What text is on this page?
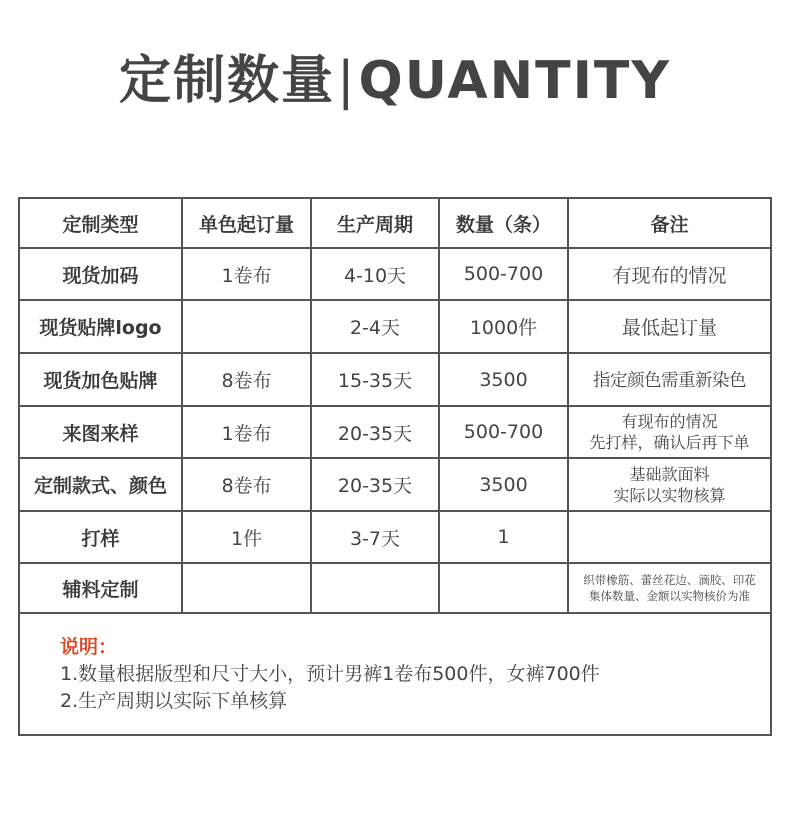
定制数量|QUANTITY
定制类型	单色起订量	生产周期	数量（条）	备注
现货加码	1卷布	4-10天	500-700	有现布的情况

现货贴牌logo		2-4天	1000件	最低起订量

现货加色贴牌	8卷布	15-35天	3500	指定颜色需重新染色

来图来样	1卷布	20-35天	500-700	有现布的情况
先打样，确认后再下单

定制款式、颜色	8卷布	20-35天	3500	基础款面料
实际以实物核算

打样	1件	3-7天	1	
辅料定制				织带橡筋、蕾丝花边、滴胶、印花
集体数量、金额以实物核价为准
说明：
1.数量根据版型和尺寸大小，预计男裤1卷布500件，女裤700件
2.生产周期以实际下单核算
